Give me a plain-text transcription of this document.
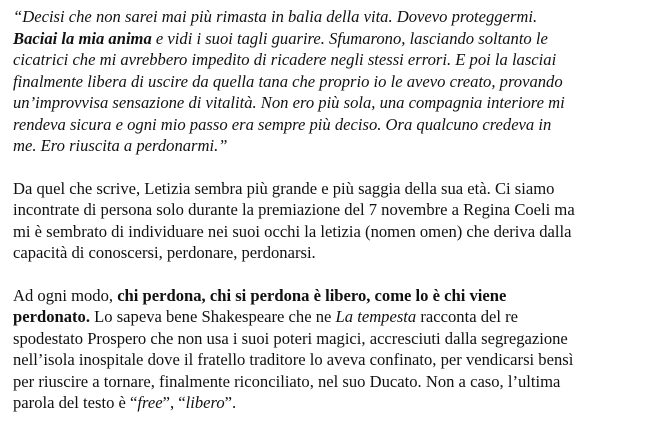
“Decisi che non sarei mai più rimasta in balia della vita. Dovevo proteggermi.
Baciai la mia anima e vidi i suoi tagli guarire. Sfumarono, lasciando soltanto le
cicatrici che mi avrebbero impedito di ricadere negli stessi errori. E poi la lasciai
finalmente libera di uscire da quella tana che proprio io le avevo creato, provando
un’improvvisa sensazione di vitalità. Non ero più sola, una compagnia interiore mi
rendeva sicura e ogni mio passo era sempre più deciso. Ora qualcuno credeva in
me. Ero riuscita a perdonarmi.”

Da quel che scrive, Letizia sembra più grande e più saggia della sua età. Ci siamo
incontrate di persona solo durante la premiazione del 7 novembre a Regina Coeli ma
mi è sembrato di individuare nei suoi occhi la letizia (nomen omen) che deriva dalla
capacità di conoscersi, perdonare, perdonarsi.

Ad ogni modo, chi perdona, chi si perdona è libero, come lo è chi viene
perdonato. Lo sapeva bene Shakespeare che ne La tempesta racconta del re
spodestato Prospero che non usa i suoi poteri magici, accresciuti dalla segregazione
nell’isola inospitale dove il fratello traditore lo aveva confinato, per vendicarsi bensì
per riuscire a tornare, finalmente riconciliato, nel suo Ducato. Non a caso, l’ultima
parola del testo è “free”, “libero”.
